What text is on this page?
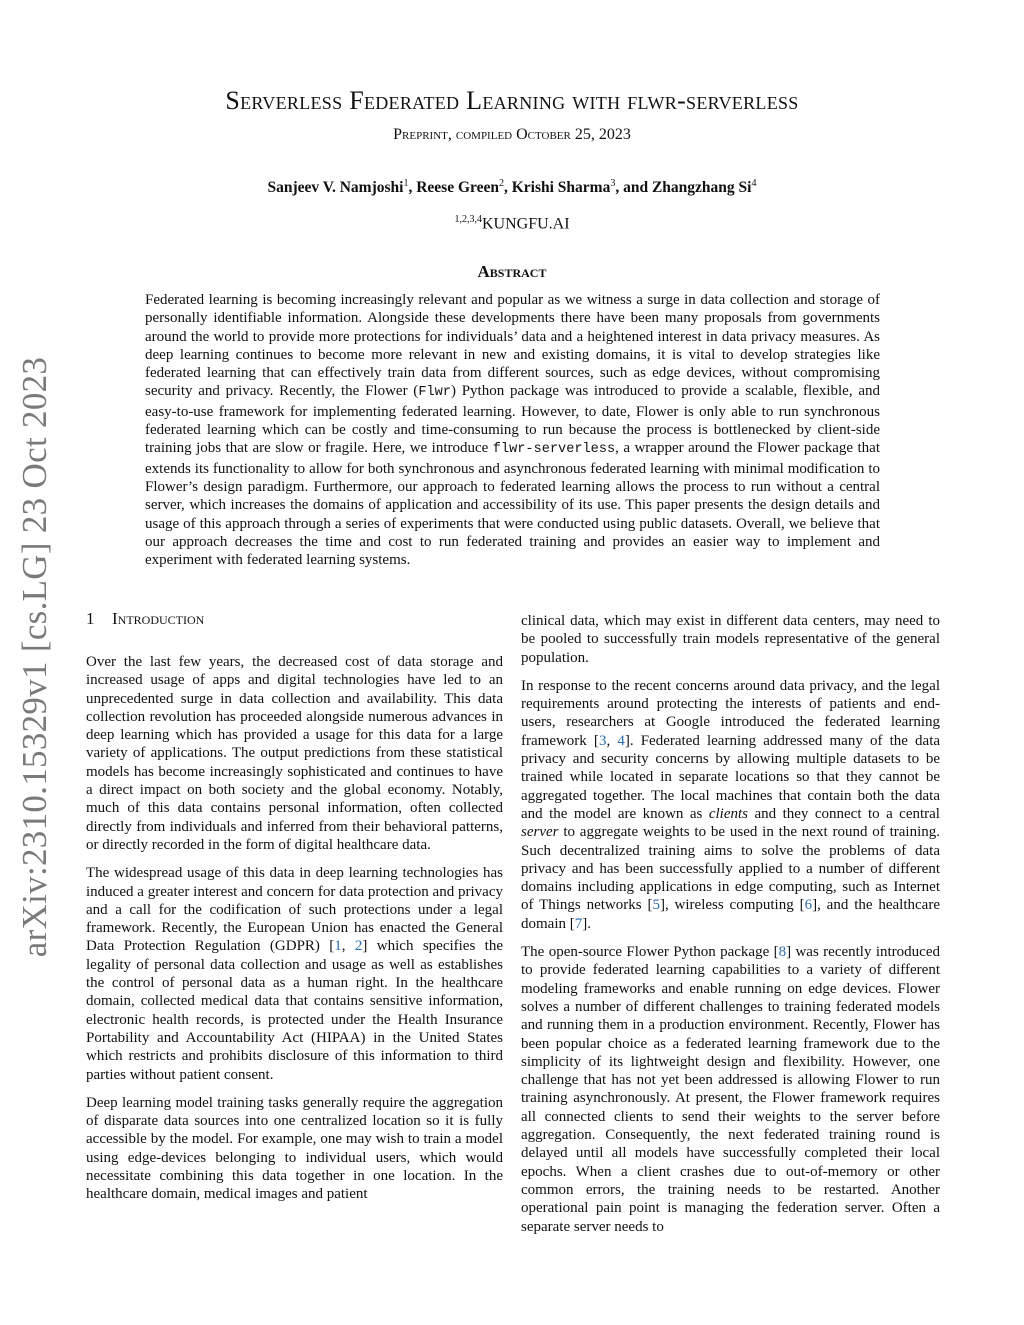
arXiv:2310.15329v1 [cs.LG] 23 Oct 2023
Serverless Federated Learning with flwr-serverless
Preprint, compiled October 25, 2023
Sanjeev V. Namjoshi$^1$, Reese Green$^2$, Krishi Sharma$^3$, and Zhangzhang Si$^4$
$^{1,2,3,4}$KUNGFU.AI
Abstract
Federated learning is becoming increasingly relevant and popular as we witness a surge in data collection and storage of personally identifiable information. Alongside these developments there have been many proposals from governments around the world to provide more protections for individuals’ data and a heightened interest in data privacy measures. As deep learning continues to become more relevant in new and existing domains, it is vital to develop strategies like federated learning that can effectively train data from different sources, such as edge devices, without compromising security and privacy. Recently, the Flower (Flwr) Python package was introduced to provide a scalable, flexible, and easy-to-use framework for implementing federated learning. However, to date, Flower is only able to run synchronous federated learning which can be costly and time-consuming to run because the process is bottlenecked by client-side training jobs that are slow or fragile. Here, we introduce flwr-serverless, a wrapper around the Flower package that extends its functionality to allow for both synchronous and asynchronous federated learning with minimal modification to Flower’s design paradigm. Furthermore, our approach to federated learning allows the process to run without a central server, which increases the domains of application and accessibility of its use. This paper presents the design details and usage of this approach through a series of experiments that were conducted using public datasets. Overall, we believe that our approach decreases the time and cost to run federated training and provides an easier way to implement and experiment with federated learning systems.
1 Introduction

Over the last few years, the decreased cost of data storage and increased usage of apps and digital technologies have led to an unprecedented surge in data collection and availability. This data collection revolution has proceeded alongside numerous advances in deep learning which has provided a usage for this data for a large variety of applications. The output predictions from these statistical models has become increasingly sophisticated and continues to have a direct impact on both society and the global economy. Notably, much of this data contains personal information, often collected directly from individuals and inferred from their behavioral patterns, or directly recorded in the form of digital healthcare data.

The widespread usage of this data in deep learning technologies has induced a greater interest and concern for data protection and privacy and a call for the codification of such protections under a legal framework. Recently, the European Union has enacted the General Data Protection Regulation (GDPR) [1, 2] which specifies the legality of personal data collection and usage as well as establishes the control of personal data as a human right. In the healthcare domain, collected medical data that contains sensitive information, electronic health records, is protected under the Health Insurance Portability and Accountability Act (HIPAA) in the United States which restricts and prohibits disclosure of this information to third parties without patient consent.

Deep learning model training tasks generally require the aggregation of disparate data sources into one centralized location so it is fully accessible by the model. For example, one may wish to train a model using edge-devices belonging to individual users, which would necessitate combining this data together in one location. In the healthcare domain, medical images and patient

clinical data, which may exist in different data centers, may need to be pooled to successfully train models representative of the general population.

In response to the recent concerns around data privacy, and the legal requirements around protecting the interests of patients and end-users, researchers at Google introduced the federated learning framework [3, 4]. Federated learning addressed many of the data privacy and security concerns by allowing multiple datasets to be trained while located in separate locations so that they cannot be aggregated together. The local machines that contain both the data and the model are known as clients and they connect to a central server to aggregate weights to be used in the next round of training. Such decentralized training aims to solve the problems of data privacy and has been successfully applied to a number of different domains including applications in edge computing, such as Internet of Things networks [5], wireless computing [6], and the healthcare domain [7].

The open-source Flower Python package [8] was recently introduced to provide federated learning capabilities to a variety of different modeling frameworks and enable running on edge devices. Flower solves a number of different challenges to training federated models and running them in a production environment. Recently, Flower has been popular choice as a federated learning framework due to the simplicity of its lightweight design and flexibility. However, one challenge that has not yet been addressed is allowing Flower to run training asynchronously. At present, the Flower framework requires all connected clients to send their weights to the server before aggregation. Consequently, the next federated training round is delayed until all models have successfully completed their local epochs. When a client crashes due to out-of-memory or other common errors, the training needs to be restarted. Another operational pain point is managing the federation server. Often a separate server needs to
